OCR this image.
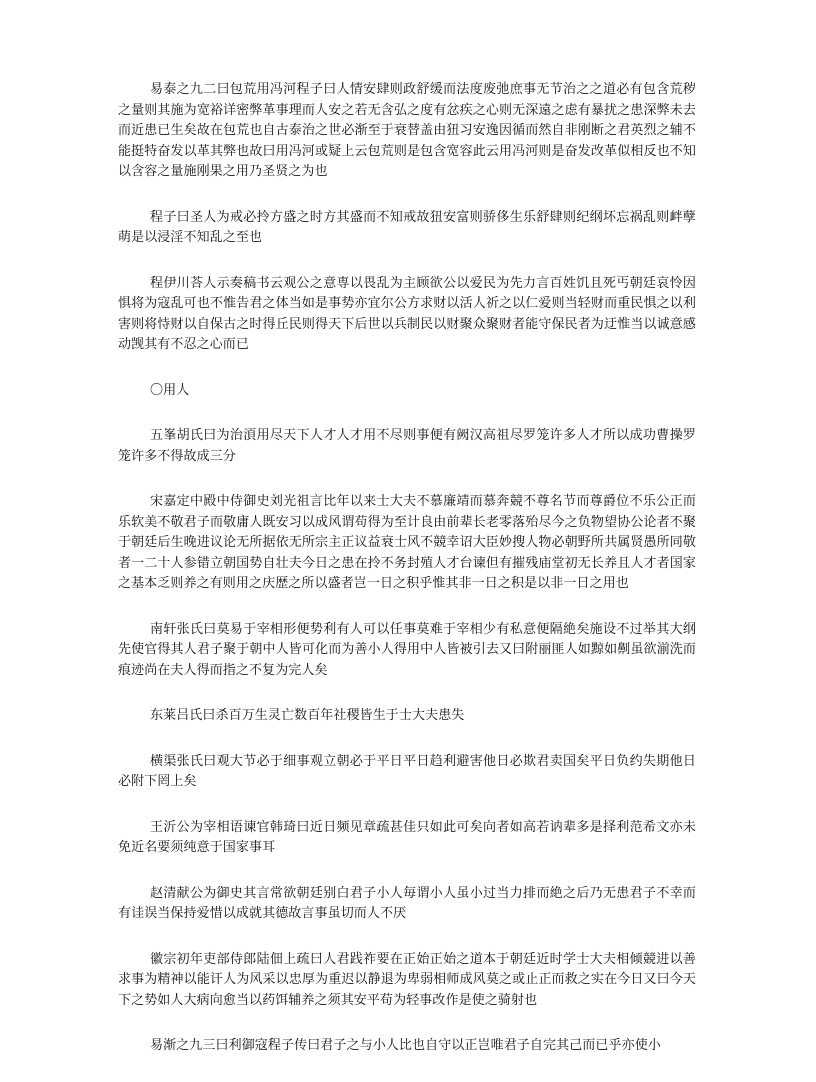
易泰之九二曰包荒用冯河程子曰人情安肆则政舒缓而法度废弛庶事无节治之之道必有包含荒秽之量则其施为宽裕详密弊革事理而人安之若无含弘之度有忿疾之心则无深遠之虑有暴扰之患深弊未去而近患已生矣故在包荒也自古泰治之世必渐至于衰替盖由狃习安逸因循而然自非刚断之君英烈之辅不能挺特奋发以革其弊也故曰用冯河或疑上云包荒则是包含宽容此云用冯河则是奋发改革似相反也不知以含容之量施刚果之用乃圣贤之为也

程子曰圣人为戒必拎方盛之时方其盛而不知戒故狃安富则骄侈生乐舒肆则纪纲坏忘祸乱则衅孽萌是以浸淫不知乱之至也

程伊川荅人示奏稿书云观公之意専以畏乱为主顾欲公以爱民为先力言百姓饥且死丐朝廷哀怜因惧将为寇乱可也不惟告君之体当如是事势亦宜尔公方求财以活人祈之以仁爱则当轻财而重民惧之以利害则将恃财以自保古之时得丘民则得天下后世以兵制民以财聚众聚财者能守保民者为迂惟当以诚意感动觊其有不忍之心而已

〇用人

五峯胡氏曰为治湏用尽天下人才人才用不尽则事便有阙汉高祖尽罗笼许多人才所以成功曹操罗笼许多不得故成三分

宋嘉定中殿中侍御史刘光祖言比年以来士大夫不慕廉靖而慕奔競不尊名节而尊爵位不乐公正而乐软美不敬君子而敬庸人既安习以成风谓苟得为至计良由前辈长老零落殆尽今之负物望协公论者不聚于朝廷后生晚进议论无所据依无所宗主正议益衰士风不競幸诏大臣妙搜人物必朝野所共属贤愚所同敬者一二十人参错立朝国势自壮夫今日之患在拎不务封殖人才台谏但有摧残庙堂初无长养且人才者国家之基本乏则养之有则用之庆歴之所以盛者岂一日之积乎惟其非一日之积是以非一日之用也

南轩张氏曰莫易于宰相形便势利有人可以任事莫难于宰相少有私意便隔絶矣施设不过举其大纲先使官得其人君子聚于朝中人皆可化而为善小人得用中人皆被引去又曰附丽匪人如黥如劓虽欲湔洗而痕迹尚在夫人得而指之不复为完人矣

东莱吕氏曰杀百万生灵亡数百年社稷皆生于士大夫患失

横渠张氏曰观大节必于细事观立朝必于平日平日趋利避害他日必欺君卖国矣平日负约失期他日必附下罔上矣

王沂公为宰相语谏官韩琦曰近日频见章疏甚佳只如此可矣向者如高若讷辈多是择利范希文亦未免近名要须纯意于国家事耳

赵清献公为御史其言常欲朝廷别白君子小人毎谓小人虽小过当力排而絶之后乃无患君子不幸而有诖误当保持爱惜以成就其德故言事虽切而人不厌

徽宗初年吏部侍郎陆佃上疏曰人君践祚要在正始正始之道本于朝廷近时学士大夫相倾競进以善求事为精神以能讦人为风采以忠厚为重迟以静退为卑弱相师成风莫之或止正而救之实在今日又曰今天下之势如人大病向愈当以药饵辅养之须其安平苟为轻事改作是使之骑射也

易渐之九三曰利御寇程子传曰君子之与小人比也自守以正岂唯君子自完其己而已乎亦使小
